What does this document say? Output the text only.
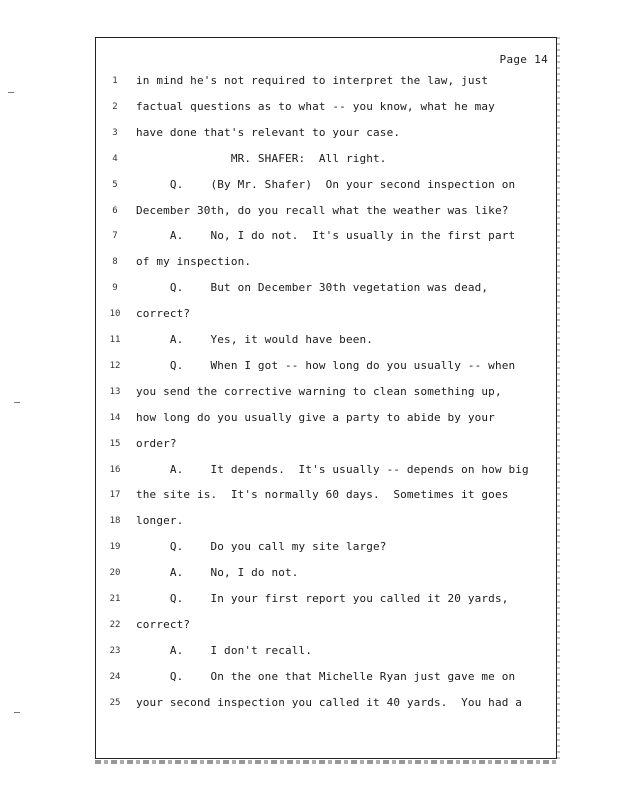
Page 14
1	in mind he's not required to interpret the law, just
2	factual questions as to what -- you know, what he may
3	have done that's relevant to your case.
4	MR. SHAFER:  All right.
5	Q.    (By Mr. Shafer)  On your second inspection on
6	December 30th, do you recall what the weather was like?
7	A.    No, I do not.  It's usually in the first part
8	of my inspection.
9	Q.    But on December 30th vegetation was dead,
10	correct?
11	A.    Yes, it would have been.
12	Q.    When I got -- how long do you usually -- when
13	you send the corrective warning to clean something up,
14	how long do you usually give a party to abide by your
15	order?
16	A.    It depends.  It's usually -- depends on how big
17	the site is.  It's normally 60 days.  Sometimes it goes
18	longer.
19	Q.    Do you call my site large?
20	A.    No, I do not.
21	Q.    In your first report you called it 20 yards,
22	correct?
23	A.    I don't recall.
24	Q.    On the one that Michelle Ryan just gave me on
25	your second inspection you called it 40 yards.  You had a
